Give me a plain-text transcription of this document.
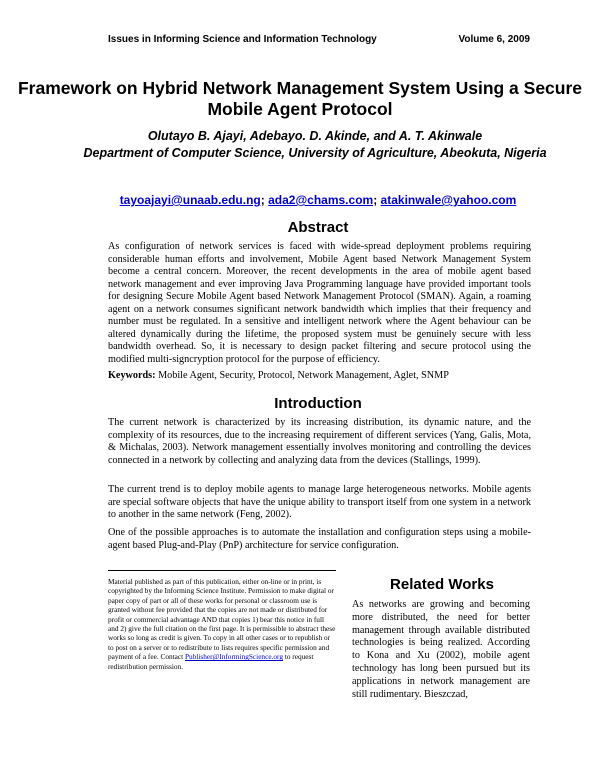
Issues in Informing Science and Information Technology	Volume 6, 2009
Framework on Hybrid Network Management System Using a Secure Mobile Agent Protocol
Olutayo B. Ajayi, Adebayo. D. Akinde, and A. T. Akinwale
Department of Computer Science, University of Agriculture, Abeokuta, Nigeria
tayoajayi@unaab.edu.ng; ada2@chams.com; atakinwale@yahoo.com
Abstract
As configuration of network services is faced with wide-spread deployment problems requiring considerable human efforts and involvement, Mobile Agent based Network Management System become a central concern. Moreover, the recent developments in the area of mobile agent based network management and ever improving Java Programming language have provided important tools for designing Secure Mobile Agent based Network Management Protocol (SMAN). Again, a roaming agent on a network consumes significant network bandwidth which implies that their frequency and number must be regulated. In a sensitive and intelligent network where the Agent behaviour can be altered dynamically during the lifetime, the proposed system must be genuinely secure with less bandwidth overhead. So, it is necessary to design packet filtering and secure protocol using the modified multi-signcryption protocol for the purpose of efficiency.
Keywords: Mobile Agent, Security, Protocol, Network Management, Aglet, SNMP
Introduction
The current network is characterized by its increasing distribution, its dynamic nature, and the complexity of its resources, due to the increasing requirement of different services (Yang, Galis, Mota, & Michalas, 2003). Network management essentially involves monitoring and controlling the devices connected in a network by collecting and analyzing data from the devices (Stallings, 1999).
The current trend is to deploy mobile agents to manage large heterogeneous networks. Mobile agents are special software objects that have the unique ability to transport itself from one system in a network to another in the same network (Feng, 2002).
One of the possible approaches is to automate the installation and configuration steps using a mobile-agent based Plug-and-Play (PnP) architecture for service configuration.
Material published as part of this publication, either on-line or in print, is copyrighted by the Informing Science Institute. Permission to make digital or paper copy of part or all of these works for personal or classroom use is granted without fee provided that the copies are not made or distributed for profit or commercial advantage AND that copies 1) bear this notice in full and 2) give the full citation on the first page. It is permissible to abstract these works so long as credit is given. To copy in all other cases or to republish or to post on a server or to redistribute to lists requires specific permission and payment of a fee. Contact Publisher@InformingScience.org to request redistribution permission.
Related Works
As networks are growing and becoming more distributed, the need for better management through available distributed technologies is being realized. According to Kona and Xu (2002), mobile agent technology has long been pursued but its applications in network management are still rudimentary. Bieszczad,
